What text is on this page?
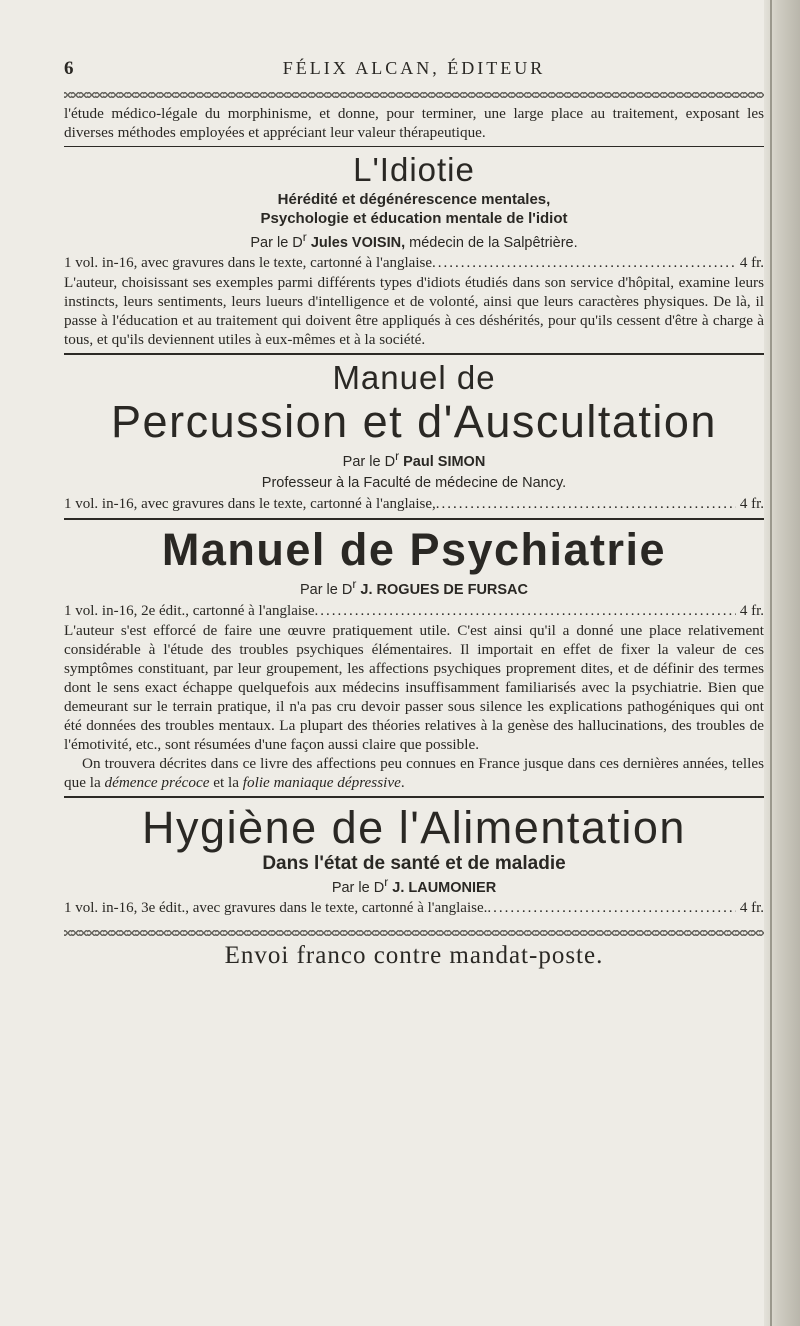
6	FÉLIX ALCAN, ÉDITEUR

l'étude médico-légale du morphinisme, et donne, pour terminer, une large place au traitement, exposant les diverses méthodes employées et appréciant leur valeur thérapeutique.

L'Idiotie
Hérédité et dégénérescence mentales,
Psychologie et éducation mentale de l'idiot
Par le $D^r$ Jules VOISIN, médecin de la Salpêtrière.
1 vol. in-16, avec gravures dans le texte, cartonné à l'anglaise .....	4 fr.

L'auteur, choisissant ses exemples parmi différents types d'idiots étudiés dans son service d'hôpital, examine leurs instincts, leurs sentiments, leurs lueurs d'intelligence et de volonté, ainsi que leurs caractères physiques. De là, il passe à l'éducation et au traitement qui doivent être appliqués à ces déshérités, pour qu'ils cessent d'être à charge à tous, et qu'ils deviennent utiles à eux-mêmes et à la société.

Manuel de
Percussion et d'Auscultation
Par le $D^r$ Paul SIMON
Professeur à la Faculté de médecine de Nancy.
1 vol. in-16, avec gravures dans le texte, cartonné à l'anglaise, .....	4 fr.
Manuel de Psychiatrie
Par le $D^r$ J. ROGUES DE FURSAC
1 vol. in-16, 2e édit., cartonné à l'anglaise .....	4 fr.

L'auteur s'est efforcé de faire une œuvre pratiquement utile. C'est ainsi qu'il a donné une place relativement considérable à l'étude des troubles psychiques élémentaires. Il importait en effet de fixer la valeur de ces symptômes constituant, par leur groupement, les affections psychiques proprement dites, et de définir des termes dont le sens exact échappe quelquefois aux médecins insuffisamment familiarisés avec la psychiatrie. Bien que demeurant sur le terrain pratique, il n'a pas cru devoir passer sous silence les explications pathogéniques qui ont été données des troubles mentaux. La plupart des théories relatives à la genèse des hallucinations, des troubles de l'émotivité, etc., sont résumées d'une façon aussi claire que possible.

On trouvera décrites dans ce livre des affections peu connues en France jusque dans ces dernières années, telles que la démence précoce et la folie maniaque dépressive.

Hygiène de l'Alimentation
Dans l'état de santé et de maladie
Par le $D^r$ J. LAUMONIER
1 vol. in-16, 3e édit., avec gravures dans le texte, cartonné à l'anglaise. .....	4 fr.
Envoi franco contre mandat-poste.
